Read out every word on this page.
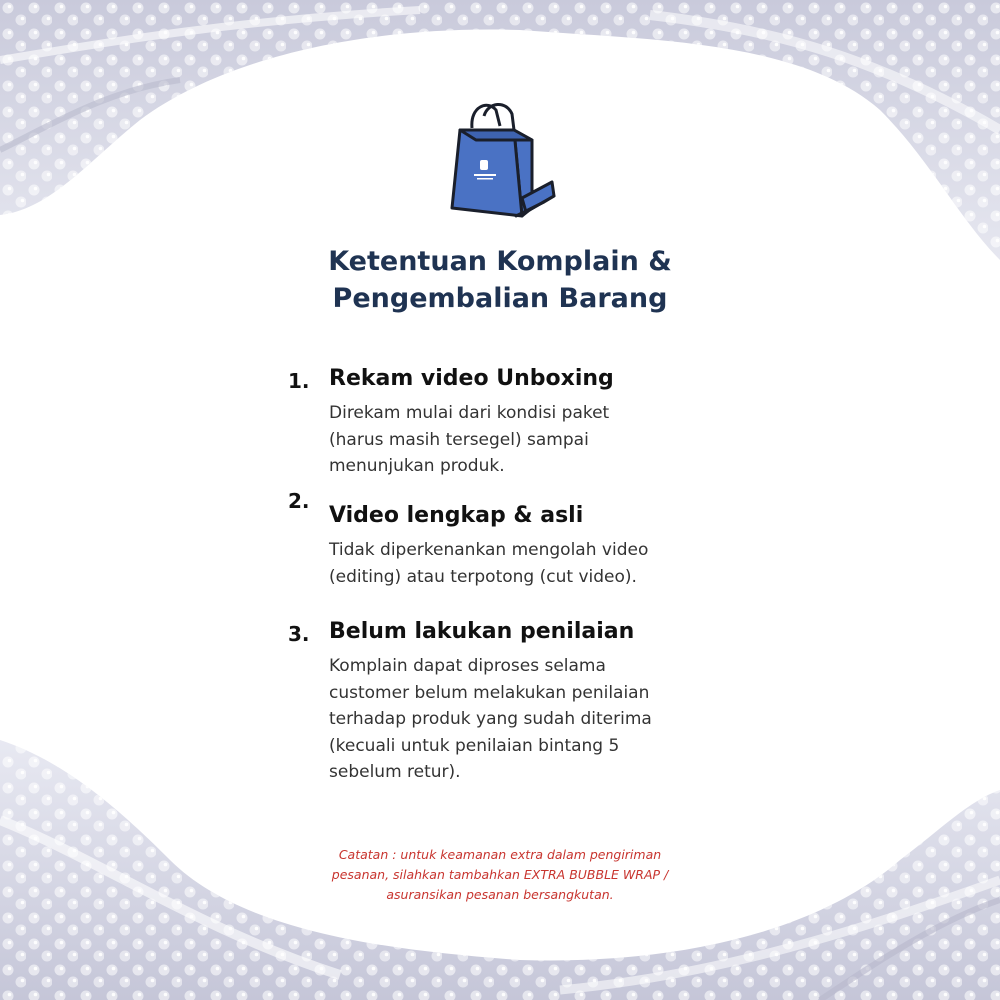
Ketentuan Komplain &
Pengembalian Barang
1. Rekam video Unboxing
Direkam mulai dari kondisi paket
(harus masih tersegel) sampai
menunjukan produk.
2.
Video lengkap & asli
Tidak diperkenankan mengolah video
(editing) atau terpotong (cut video).
3. Belum lakukan penilaian
Komplain dapat diproses selama
customer belum melakukan penilaian
terhadap produk yang sudah diterima
(kecuali untuk penilaian bintang 5
sebelum retur).
Catatan : untuk keamanan extra dalam pengiriman
pesanan, silahkan tambahkan EXTRA BUBBLE WRAP /
asuransikan pesanan bersangkutan.
